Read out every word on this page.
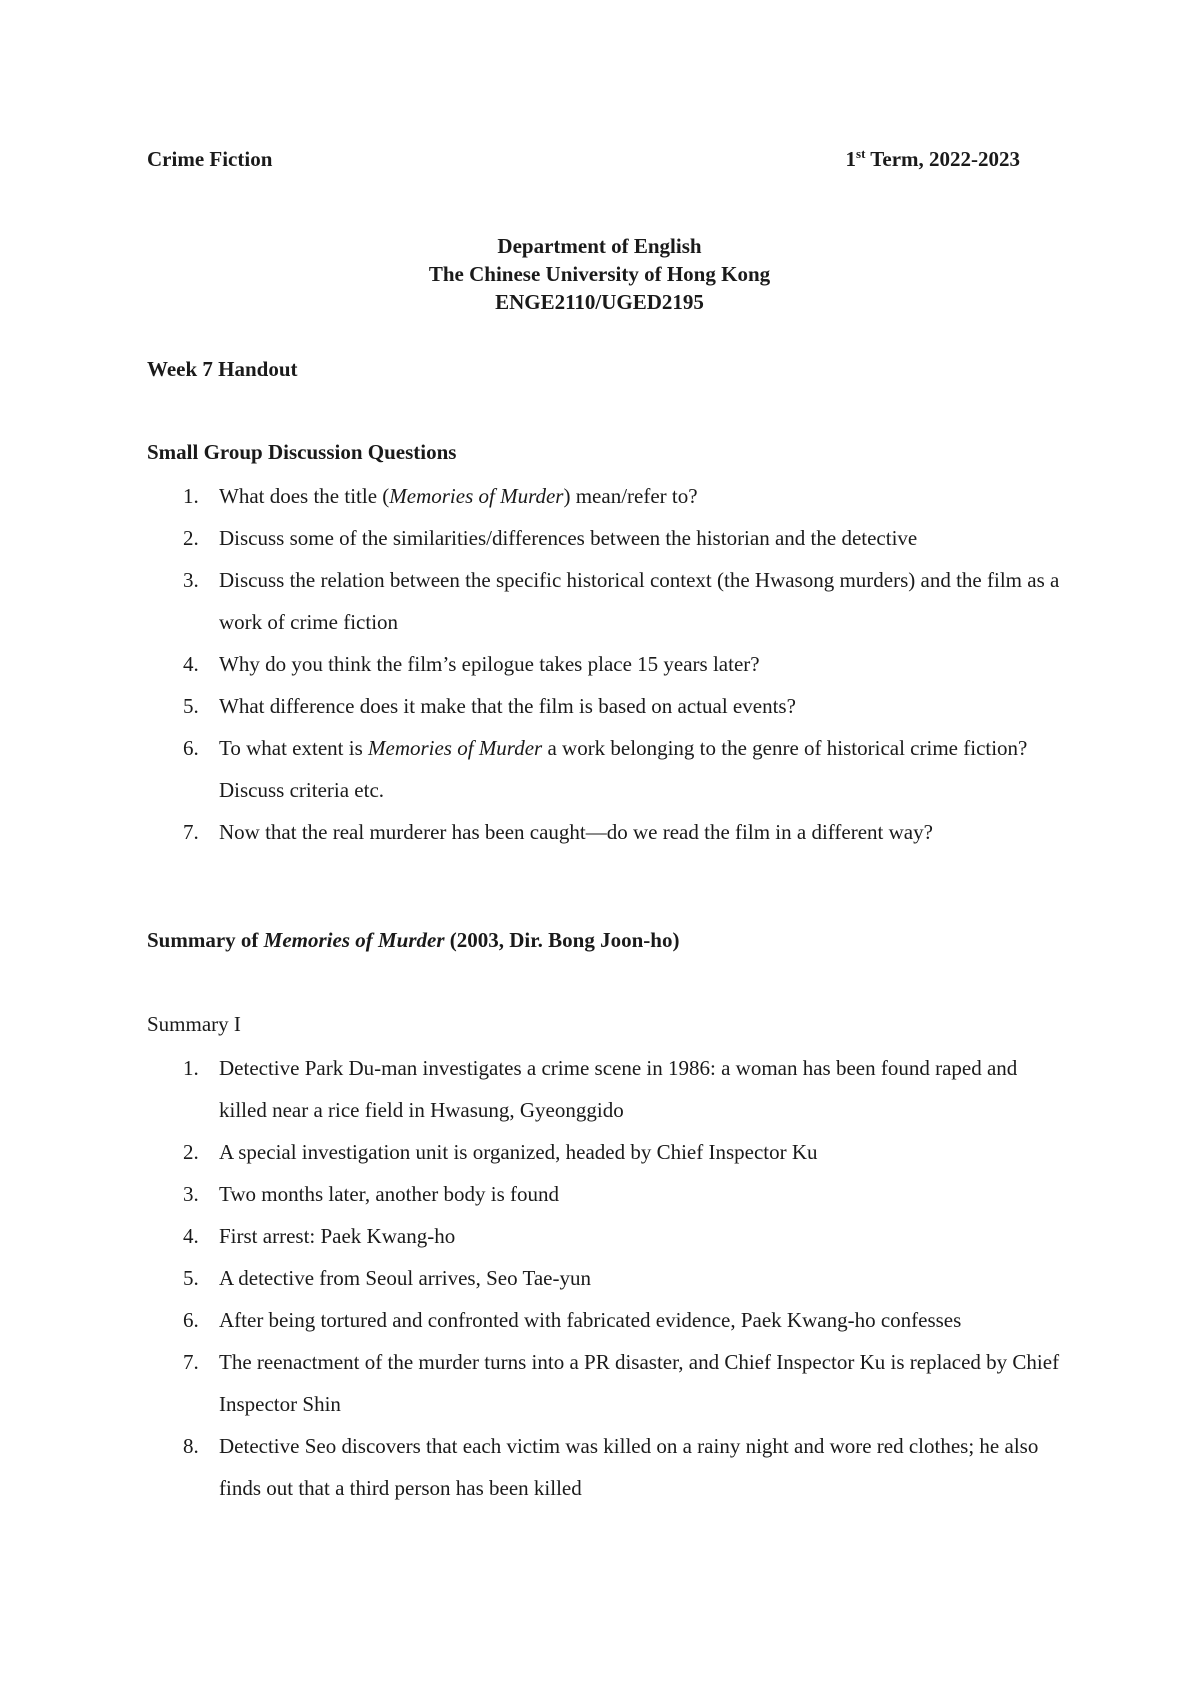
Crime Fiction	1st Term, 2022-2023
Department of English
The Chinese University of Hong Kong
ENGE2110/UGED2195
Week 7 Handout
Small Group Discussion Questions
1. What does the title (Memories of Murder) mean/refer to?
2. Discuss some of the similarities/differences between the historian and the detective
3. Discuss the relation between the specific historical context (the Hwasong murders) and the film as a work of crime fiction
4. Why do you think the film’s epilogue takes place 15 years later?
5. What difference does it make that the film is based on actual events?
6. To what extent is Memories of Murder a work belonging to the genre of historical crime fiction? Discuss criteria etc.
7. Now that the real murderer has been caught—do we read the film in a different way?
Summary of Memories of Murder (2003, Dir. Bong Joon-ho)
Summary I
1. Detective Park Du-man investigates a crime scene in 1986: a woman has been found raped and killed near a rice field in Hwasung, Gyeonggido
2. A special investigation unit is organized, headed by Chief Inspector Ku
3. Two months later, another body is found
4. First arrest: Paek Kwang-ho
5. A detective from Seoul arrives, Seo Tae-yun
6. After being tortured and confronted with fabricated evidence, Paek Kwang-ho confesses
7. The reenactment of the murder turns into a PR disaster, and Chief Inspector Ku is replaced by Chief Inspector Shin
8. Detective Seo discovers that each victim was killed on a rainy night and wore red clothes; he also finds out that a third person has been killed
